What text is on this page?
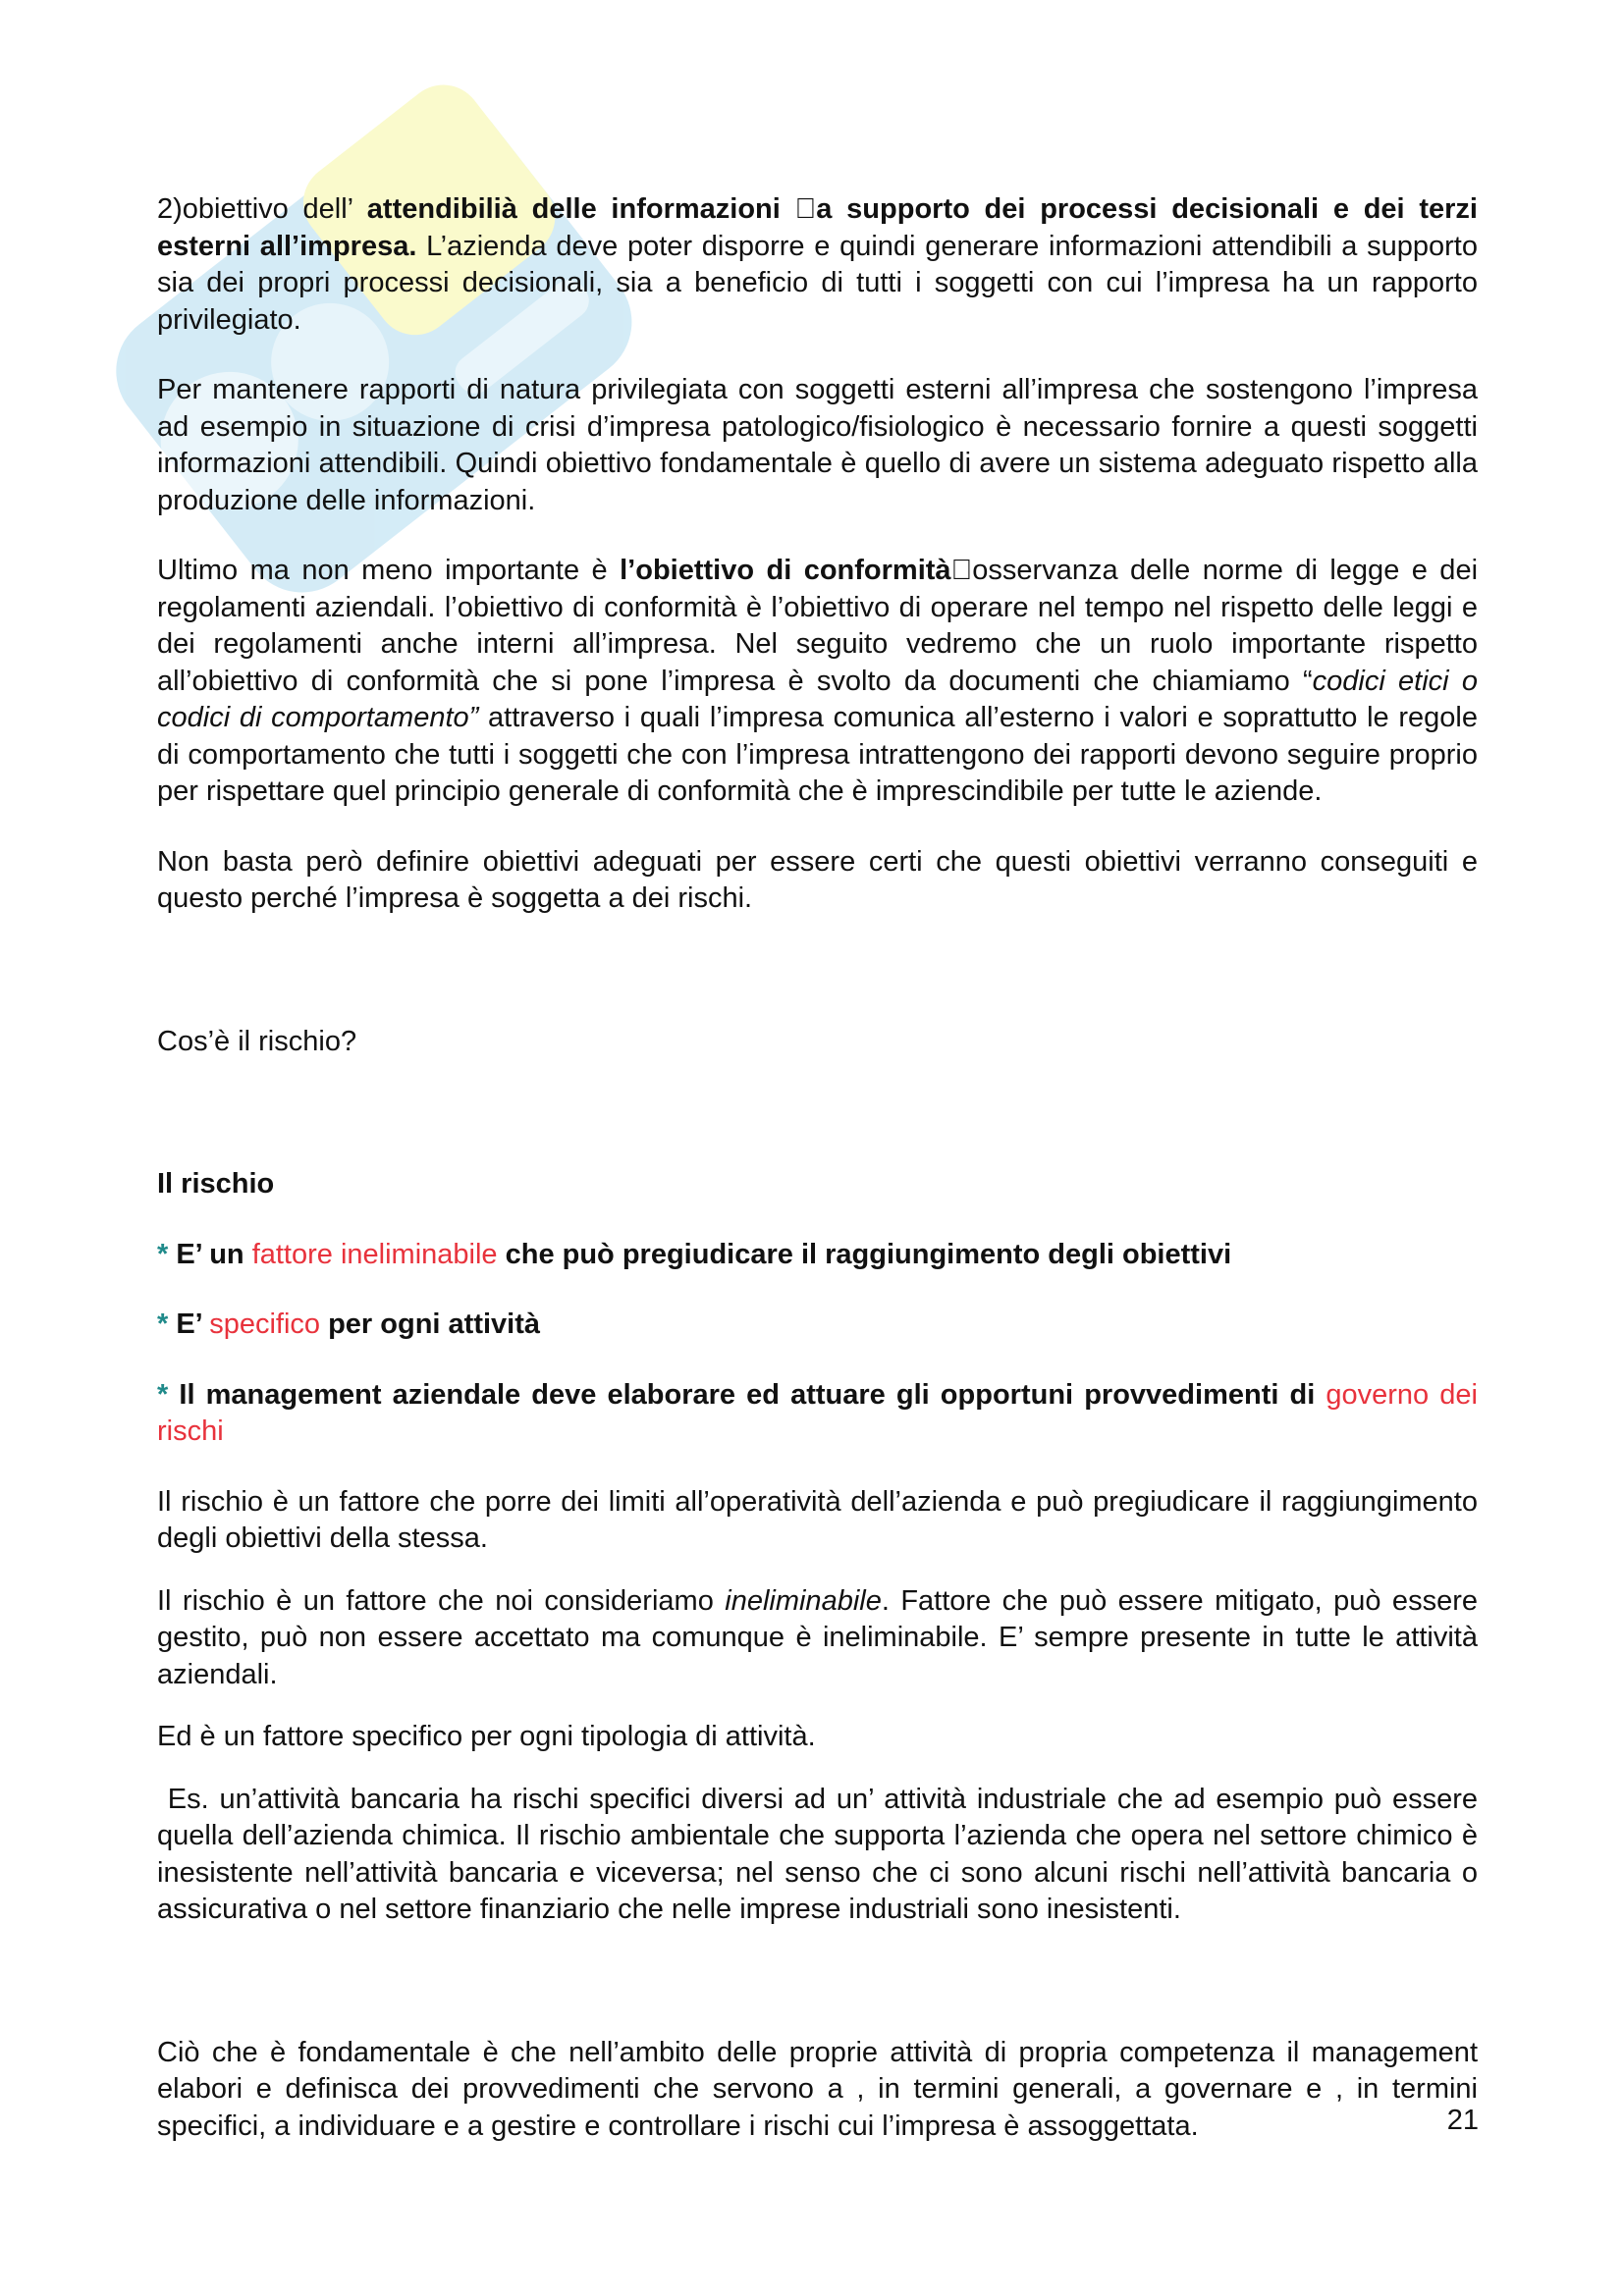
2)obiettivo dell’ attendibilià delle informazioni a supporto dei processi decisionali e dei terzi esterni all’impresa. L’azienda deve poter disporre e quindi generare informazioni attendibili a supporto sia dei propri processi decisionali, sia a beneficio di tutti i soggetti con cui l’impresa ha un rapporto privilegiato.

Per mantenere rapporti di natura privilegiata con soggetti esterni all’impresa che sostengono l’impresa ad esempio in situazione di crisi d’impresa patologico/fisiologico è necessario fornire a questi soggetti informazioni attendibili. Quindi obiettivo fondamentale è quello di avere un sistema adeguato rispetto alla produzione delle informazioni.

Ultimo ma non meno importante è l’obiettivo di conformità osservanza delle norme di legge e dei regolamenti aziendali. l’obiettivo di conformità è l’obiettivo di operare nel tempo nel rispetto delle leggi e dei regolamenti anche interni all’impresa. Nel seguito vedremo che un ruolo importante rispetto all’obiettivo di conformità che si pone l’impresa è svolto da documenti che chiamiamo “codici etici o codici di comportamento” attraverso i quali l’impresa comunica all’esterno i valori e soprattutto le regole di comportamento che tutti i soggetti che con l’impresa intrattengono dei rapporti devono seguire proprio per rispettare quel principio generale di conformità che è imprescindibile per tutte le aziende.

Non basta però definire obiettivi adeguati per essere certi che questi obiettivi verranno conseguiti e questo perché l’impresa è soggetta a dei rischi.

Cos’è il rischio?

Il rischio

* E’ un fattore ineliminabile che può pregiudicare il raggiungimento degli obiettivi

* E’ specifico per ogni attività

* Il management aziendale deve elaborare ed attuare gli opportuni provvedimenti di governo dei rischi

Il rischio è un fattore che porre dei limiti all’operatività dell’azienda e può pregiudicare il raggiungimento degli obiettivi della stessa.

Il rischio è un fattore che noi consideriamo ineliminabile. Fattore che può essere mitigato, può essere gestito, può non essere accettato ma comunque è ineliminabile. E’ sempre presente in tutte le attività aziendali.

Ed è un fattore specifico per ogni tipologia di attività.

Es. un’attività bancaria ha rischi specifici diversi ad un’ attività industriale che ad esempio può essere quella dell’azienda chimica. Il rischio ambientale che supporta l’azienda che opera nel settore chimico è inesistente nell’attività bancaria e viceversa; nel senso che ci sono alcuni rischi nell’attività bancaria o assicurativa o nel settore finanziario che nelle imprese industriali sono inesistenti.

Ciò che è fondamentale è che nell’ambito delle proprie attività di propria competenza il management elabori e definisca dei provvedimenti che servono a , in termini generali, a governare e , in termini specifici, a individuare e a gestire e controllare i rischi cui l’impresa è assoggettata.	21
